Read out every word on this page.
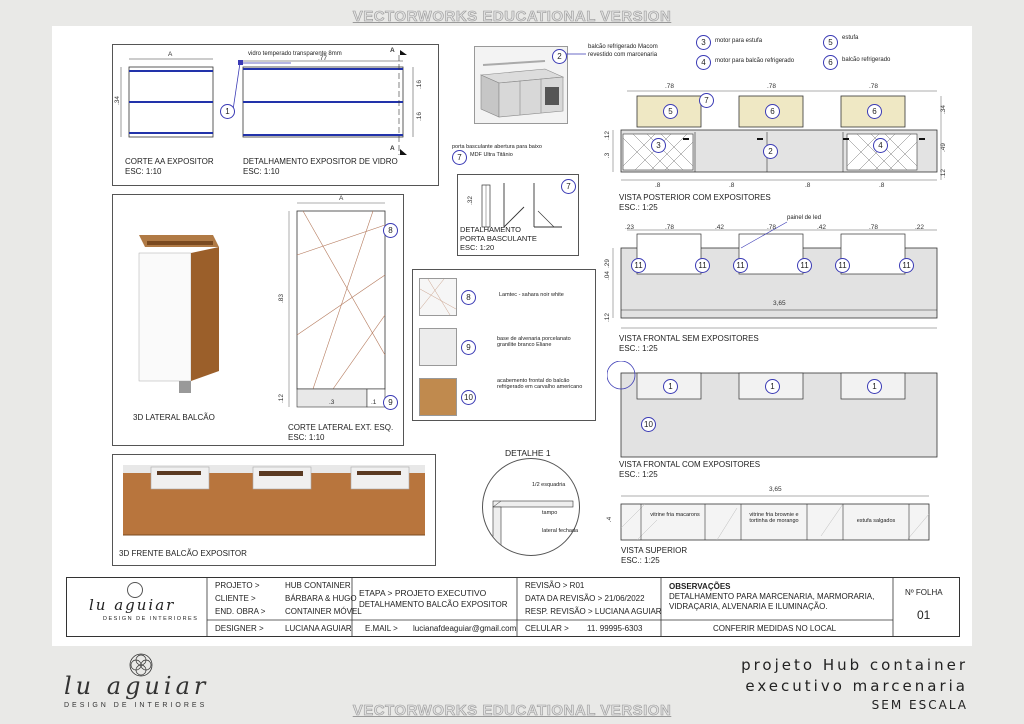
VECTORWORKS EDUCATIONAL VERSION
vidro temperado transparente 8mm
A
.34
1
.77
.16
.16
A
A
CORTE AA EXPOSITOR
ESC: 1:10
DETALHAMENTO EXPOSITOR DE VIDRO
ESC: 1:10
2
balcão refrigerado Macom
revestido com marcenaria
3	motor para estufa
4	motor para balcão refrigerado
5	estufa
6	balcão refrigerado
7
porta basculante abertura para baixo
MDF Ultra Titânio
.32
7
DETALHAMENTO
PORTA BASCULANTE
ESC: 1:20
.78	.78	.78
5	6	6
7
3
2
4
.34
.49
.12
.12
.3
.8	.8	.8	.8
VISTA POSTERIOR COM EXPOSITORES
ESC.: 1:25
painel de led
.23	.78	.42	.78	.42	.78	.22
11	11	11	11	11	11
3,65
.29
.04
.12
VISTA FRONTAL SEM EXPOSITORES
ESC.: 1:25
1	1	1
10
VISTA FRONTAL COM EXPOSITORES
ESC.: 1:25
DETALHE 1
1/2 esquadria
tampo
lateral fechada
3,65
.4
vitrine fria macarons	vitrine fria brownie e tortinha de morango	estufa salgados
VISTA SUPERIOR
ESC.: 1:25
A
.83
.12	.3	.1
8
9
3D LATERAL BALCÃO
CORTE LATERAL EXT. ESQ.
ESC: 1:10
8	Lamtec - sahara noir white
9
base de alvenaria porcelanato granilite branco Eliane
10
acabemento frontal do balcão refrigerado em carvalho americano
3D FRENTE BALCÃO EXPOSITOR
lu aguiar
DESIGN DE INTERIORES
PROJETO >	HUB CONTAINER
CLIENTE >	BÁRBARA & HUGO
END. OBRA > CONTAINER MÓVEL
DESIGNER >	LUCIANA AGUIAR
ETAPA > PROJETO EXECUTIVO
DETALHAMENTO BALCÃO EXPOSITOR
E.MAIL > lucianafdeaguiar@gmail.com
REVISÃO > R01
DATA DA REVISÃO > 21/06/2022
RESP. REVISÃO > LUCIANA AGUIAR
CELULAR > 11. 99995-6303
OBSERVAÇÕES
DETALHAMENTO PARA MARCENARIA, MARMORARIA,
VIDRAÇARIA, ALVENARIA E ILUMINAÇÃO.
CONFERIR MEDIDAS NO LOCAL
Nº FOLHA
01
lu aguiar
DESIGN DE INTERIORES
projeto Hub container
executivo marcenaria
SEM ESCALA
VECTORWORKS EDUCATIONAL VERSION
